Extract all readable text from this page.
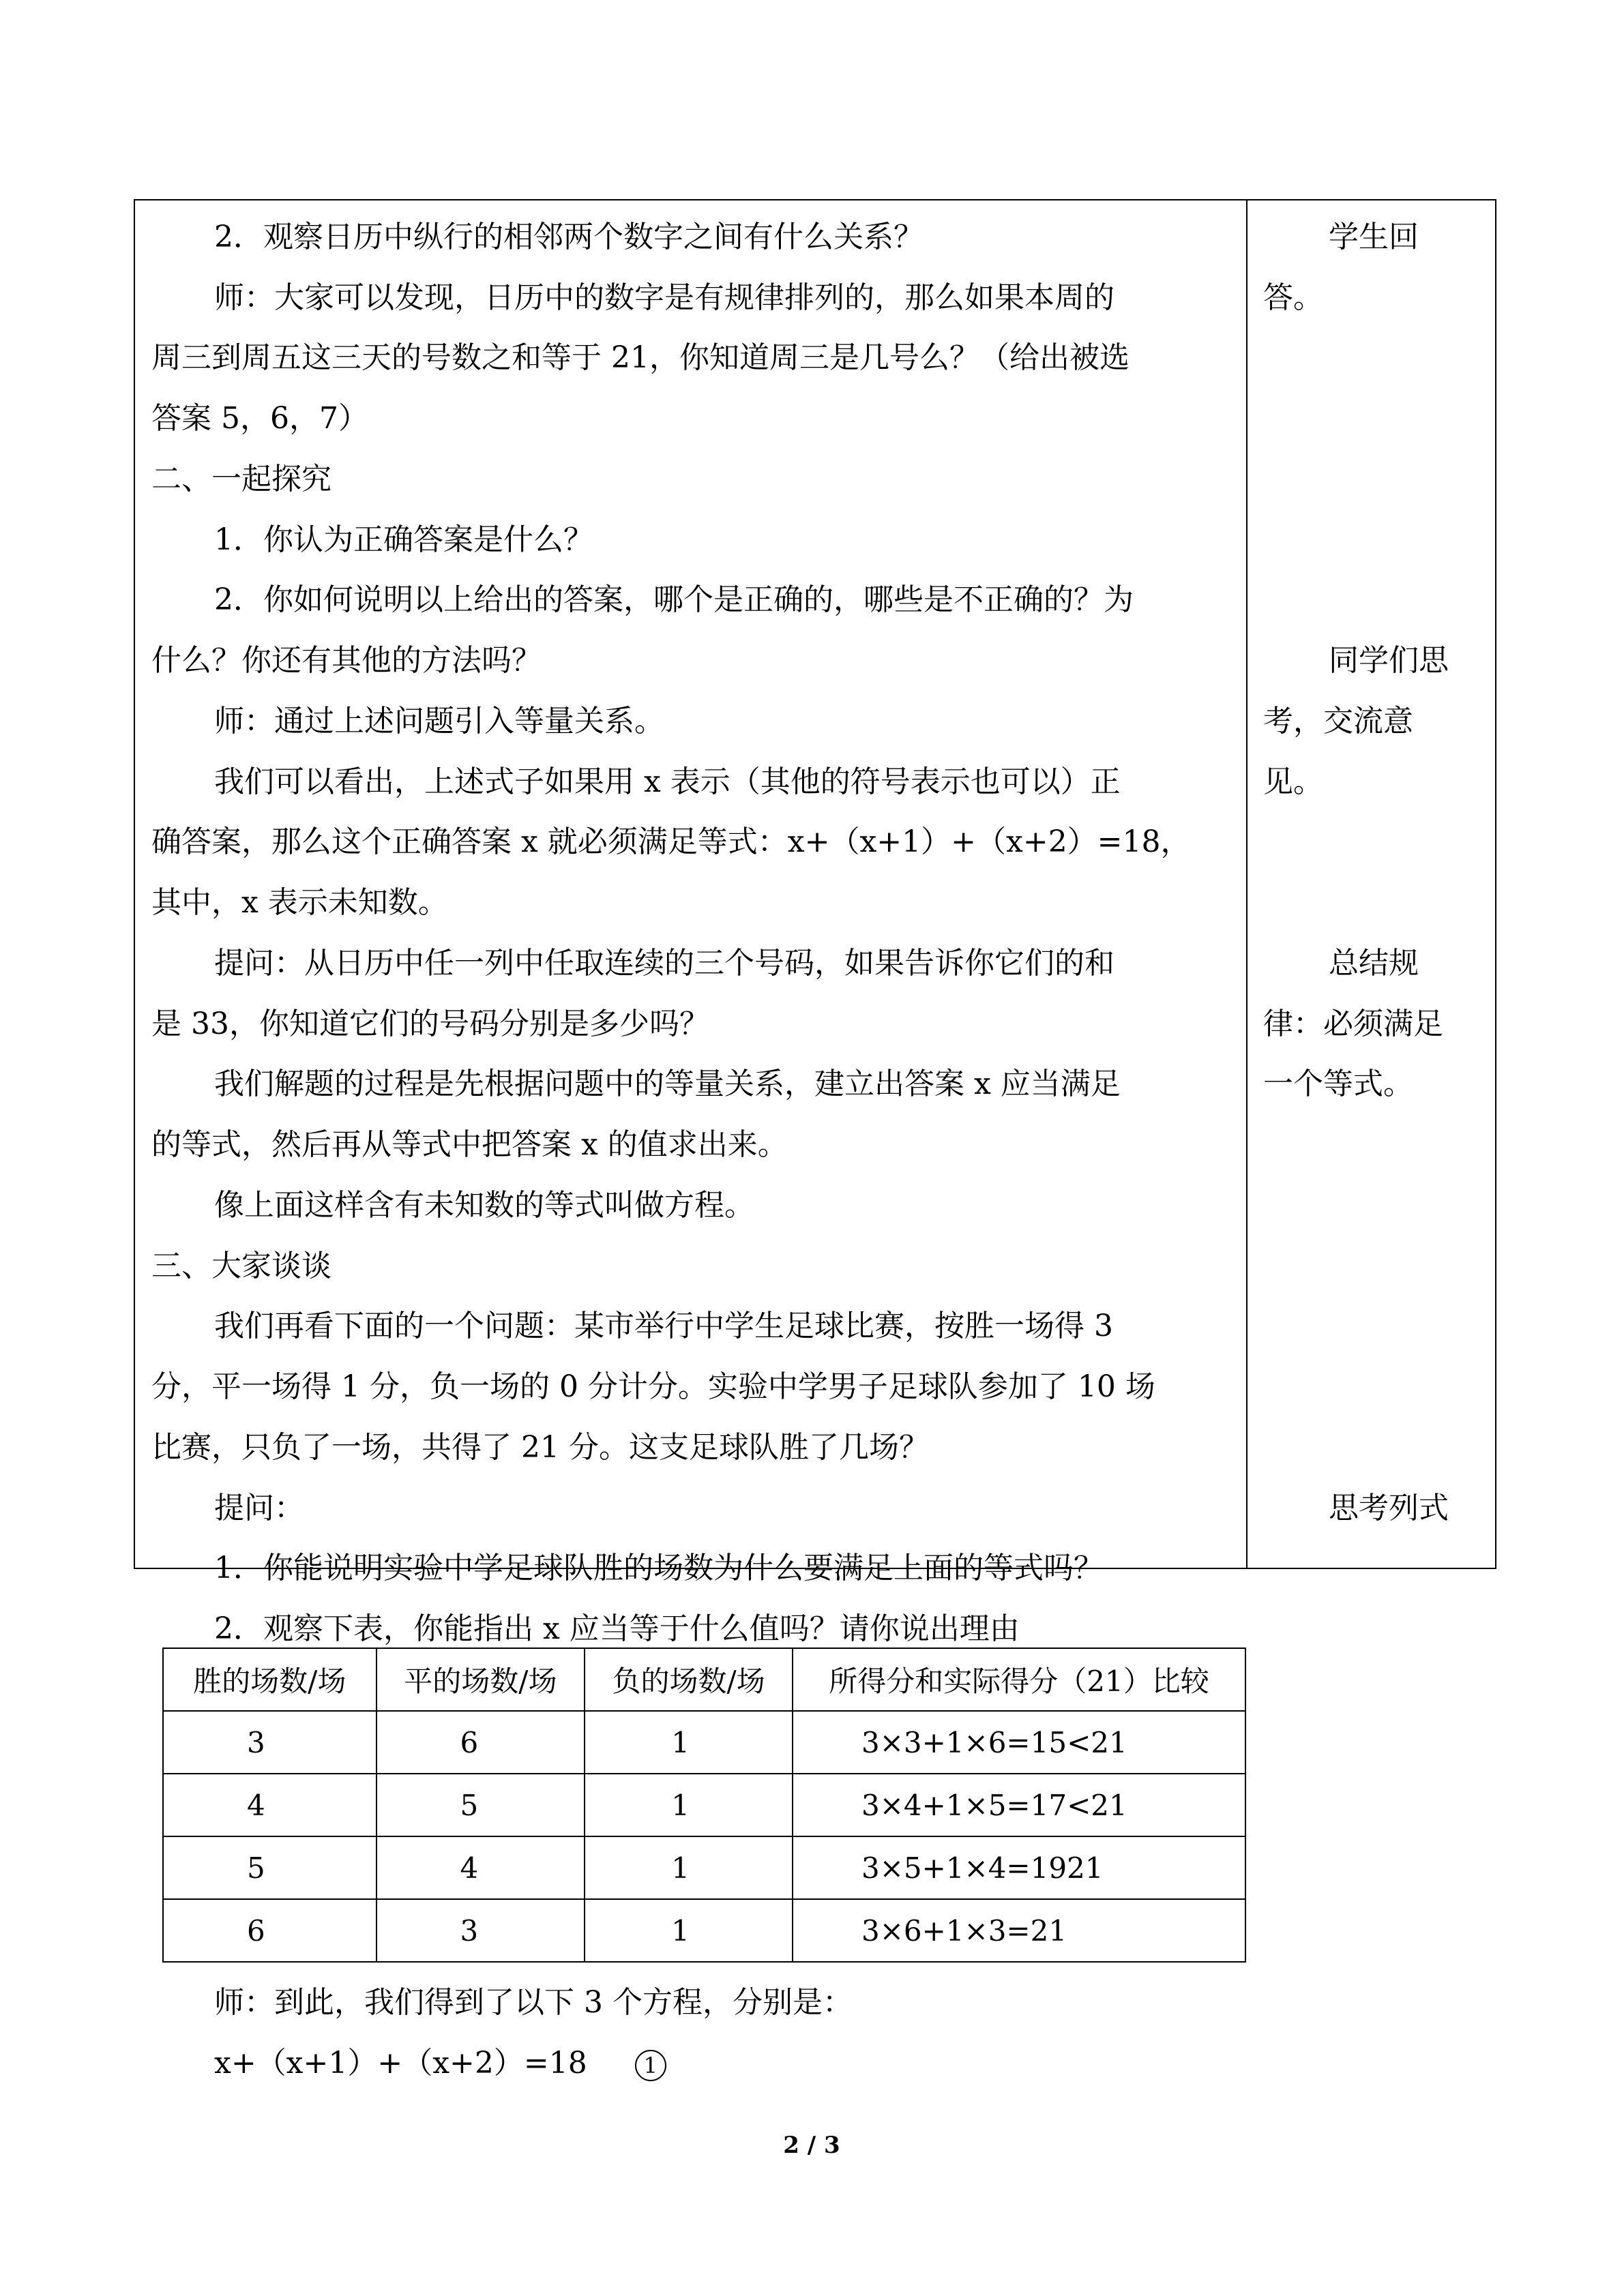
2．观察日历中纵行的相邻两个数字之间有什么关系？
师：大家可以发现，日历中的数字是有规律排列的，那么如果本周的
周三到周五这三天的号数之和等于 21，你知道周三是几号么？（给出被选
答案 5，6，7）
二、一起探究
1．你认为正确答案是什么？
2．你如何说明以上给出的答案，哪个是正确的，哪些是不正确的？为
什么？你还有其他的方法吗？
师：通过上述问题引入等量关系。
我们可以看出，上述式子如果用 x 表示（其他的符号表示也可以）正
确答案，那么这个正确答案 x 就必须满足等式：x+（x+1）+（x+2）=18，
其中，x 表示未知数。
提问：从日历中任一列中任取连续的三个号码，如果告诉你它们的和
是 33，你知道它们的号码分别是多少吗？
我们解题的过程是先根据问题中的等量关系，建立出答案 x 应当满足
的等式，然后再从等式中把答案 x 的值求出来。
像上面这样含有未知数的等式叫做方程。
三、大家谈谈
我们再看下面的一个问题：某市举行中学生足球比赛，按胜一场得 3
分，平一场得 1 分，负一场的 0 分计分。实验中学男子足球队参加了 10 场
比赛，只负了一场，共得了 21 分。这支足球队胜了几场？
提问：
1．你能说明实验中学足球队胜的场数为什么要满足上面的等式吗？
2．观察下表，你能指出 x 应当等于什么值吗？请你说出理由
师：到此，我们得到了以下 3 个方程，分别是：
x+（x+1）+（x+2）=18	1
学生回
答。
同学们思
考，交流意
见。
总结规
律：必须满足
一个等式。
思考列式
胜的场数/场	平的场数/场	负的场数/场	所得分和实际得分（21）比较
3	6	1	3×3+1×6=15<21
4	5	1	3×4+1×5=17<21
5	4	1	3×5+1×4=1921
6	3	1	3×6+1×3=21
2 / 3
